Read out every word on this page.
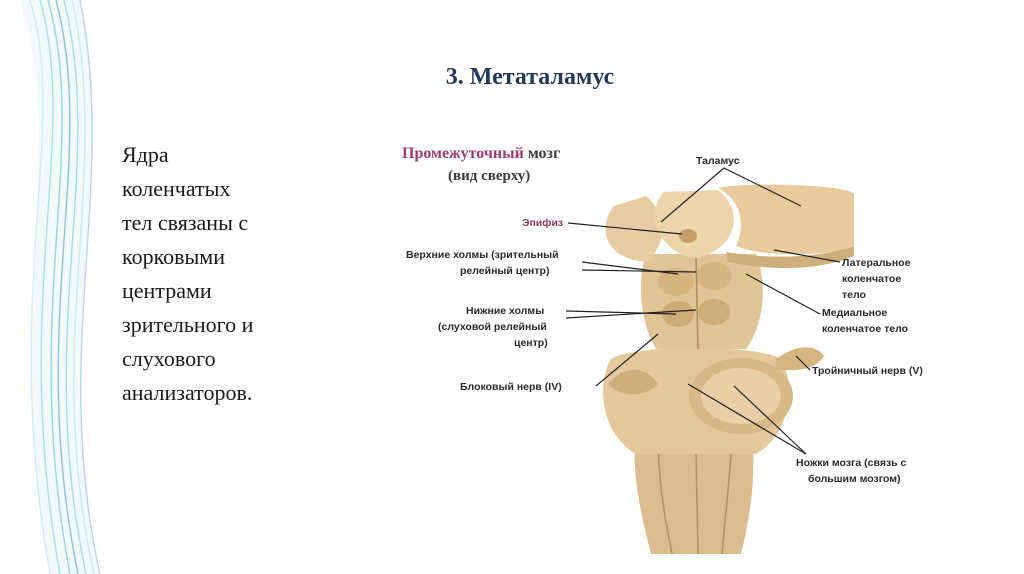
3. Метаталамус
Ядра
коленчатых
тел связаны с
корковыми
центрами
зрительного и
слухового
анализаторов.
Промежуточный мозг
(вид сверху)
Таламус
Эпифиз
Верхние холмы (зрительный
релейный центр)
Нижние холмы
(слуховой релейный
центр)
Блоковый нерв (IV)
Латеральное
коленчатое
тело
Медиальное
коленчатое тело
Тройничный нерв (V)
Ножки мозга (связь с
большим мозгом)
